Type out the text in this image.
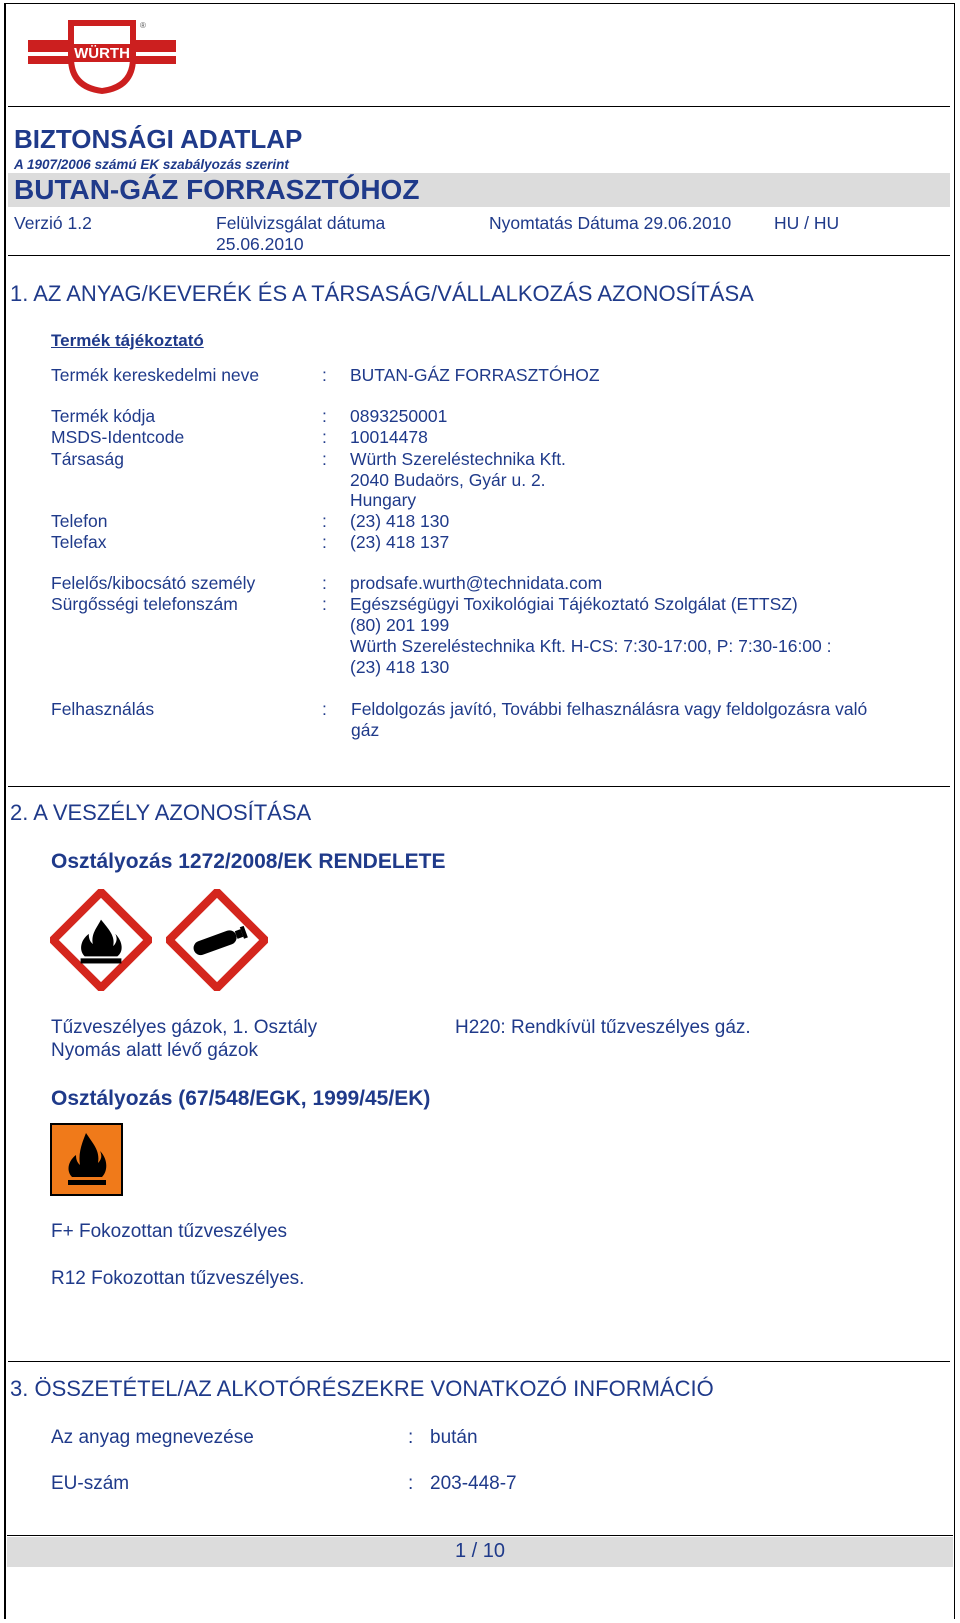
WÜRTH
®
BIZTONSÁGI ADATLAP
A 1907/2006 számú EK szabályozás szerint
BUTAN-GÁZ FORRASZTÓHOZ
Verzió 1.2	Felülvizsgálat dátuma
25.06.2010
Nyomtatás Dátuma 29.06.2010 HU / HU
1. AZ ANYAG/KEVERÉK ÉS A TÁRSASÁG/VÁLLALKOZÁS AZONOSÍTÁSA
Termék tájékoztató
Termék kereskedelmi neve	: BUTAN-GÁZ FORRASZTÓHOZ
Termék kódja	: 0893250001
MSDS-Identcode	: 10014478
Társaság	: Würth Szereléstechnika Kft.
2040 Budaörs, Gyár u. 2.
Hungary
Telefon	: (23) 418 130
Telefax	: (23) 418 137
Felelős/kibocsátó személy	: prodsafe.wurth@technidata.com
Sürgősségi telefonszám	: Egészségügyi Toxikológiai Tájékoztató Szolgálat (ETTSZ)
(80) 201 199
Würth Szereléstechnika Kft. H-CS: 7:30-17:00, P: 7:30-16:00 :
(23) 418 130
Felhasználás	: Feldolgozás javító, További felhasználásra vagy feldolgozásra való
gáz
2. A VESZÉLY AZONOSÍTÁSA
Osztályozás 1272/2008/EK RENDELETE
Tűzveszélyes gázok, 1. Osztály
Nyomás alatt lévő gázok
H220: Rendkívül tűzveszélyes gáz.
Osztályozás (67/548/EGK, 1999/45/EK)
F+ Fokozottan tűzveszélyes
R12 Fokozottan tűzveszélyes.
3. ÖSSZETÉTEL/AZ ALKOTÓRÉSZEKRE VONATKOZÓ INFORMÁCIÓ
Az anyag megnevezése	: bután
EU-szám	: 203-448-7
1 / 10
